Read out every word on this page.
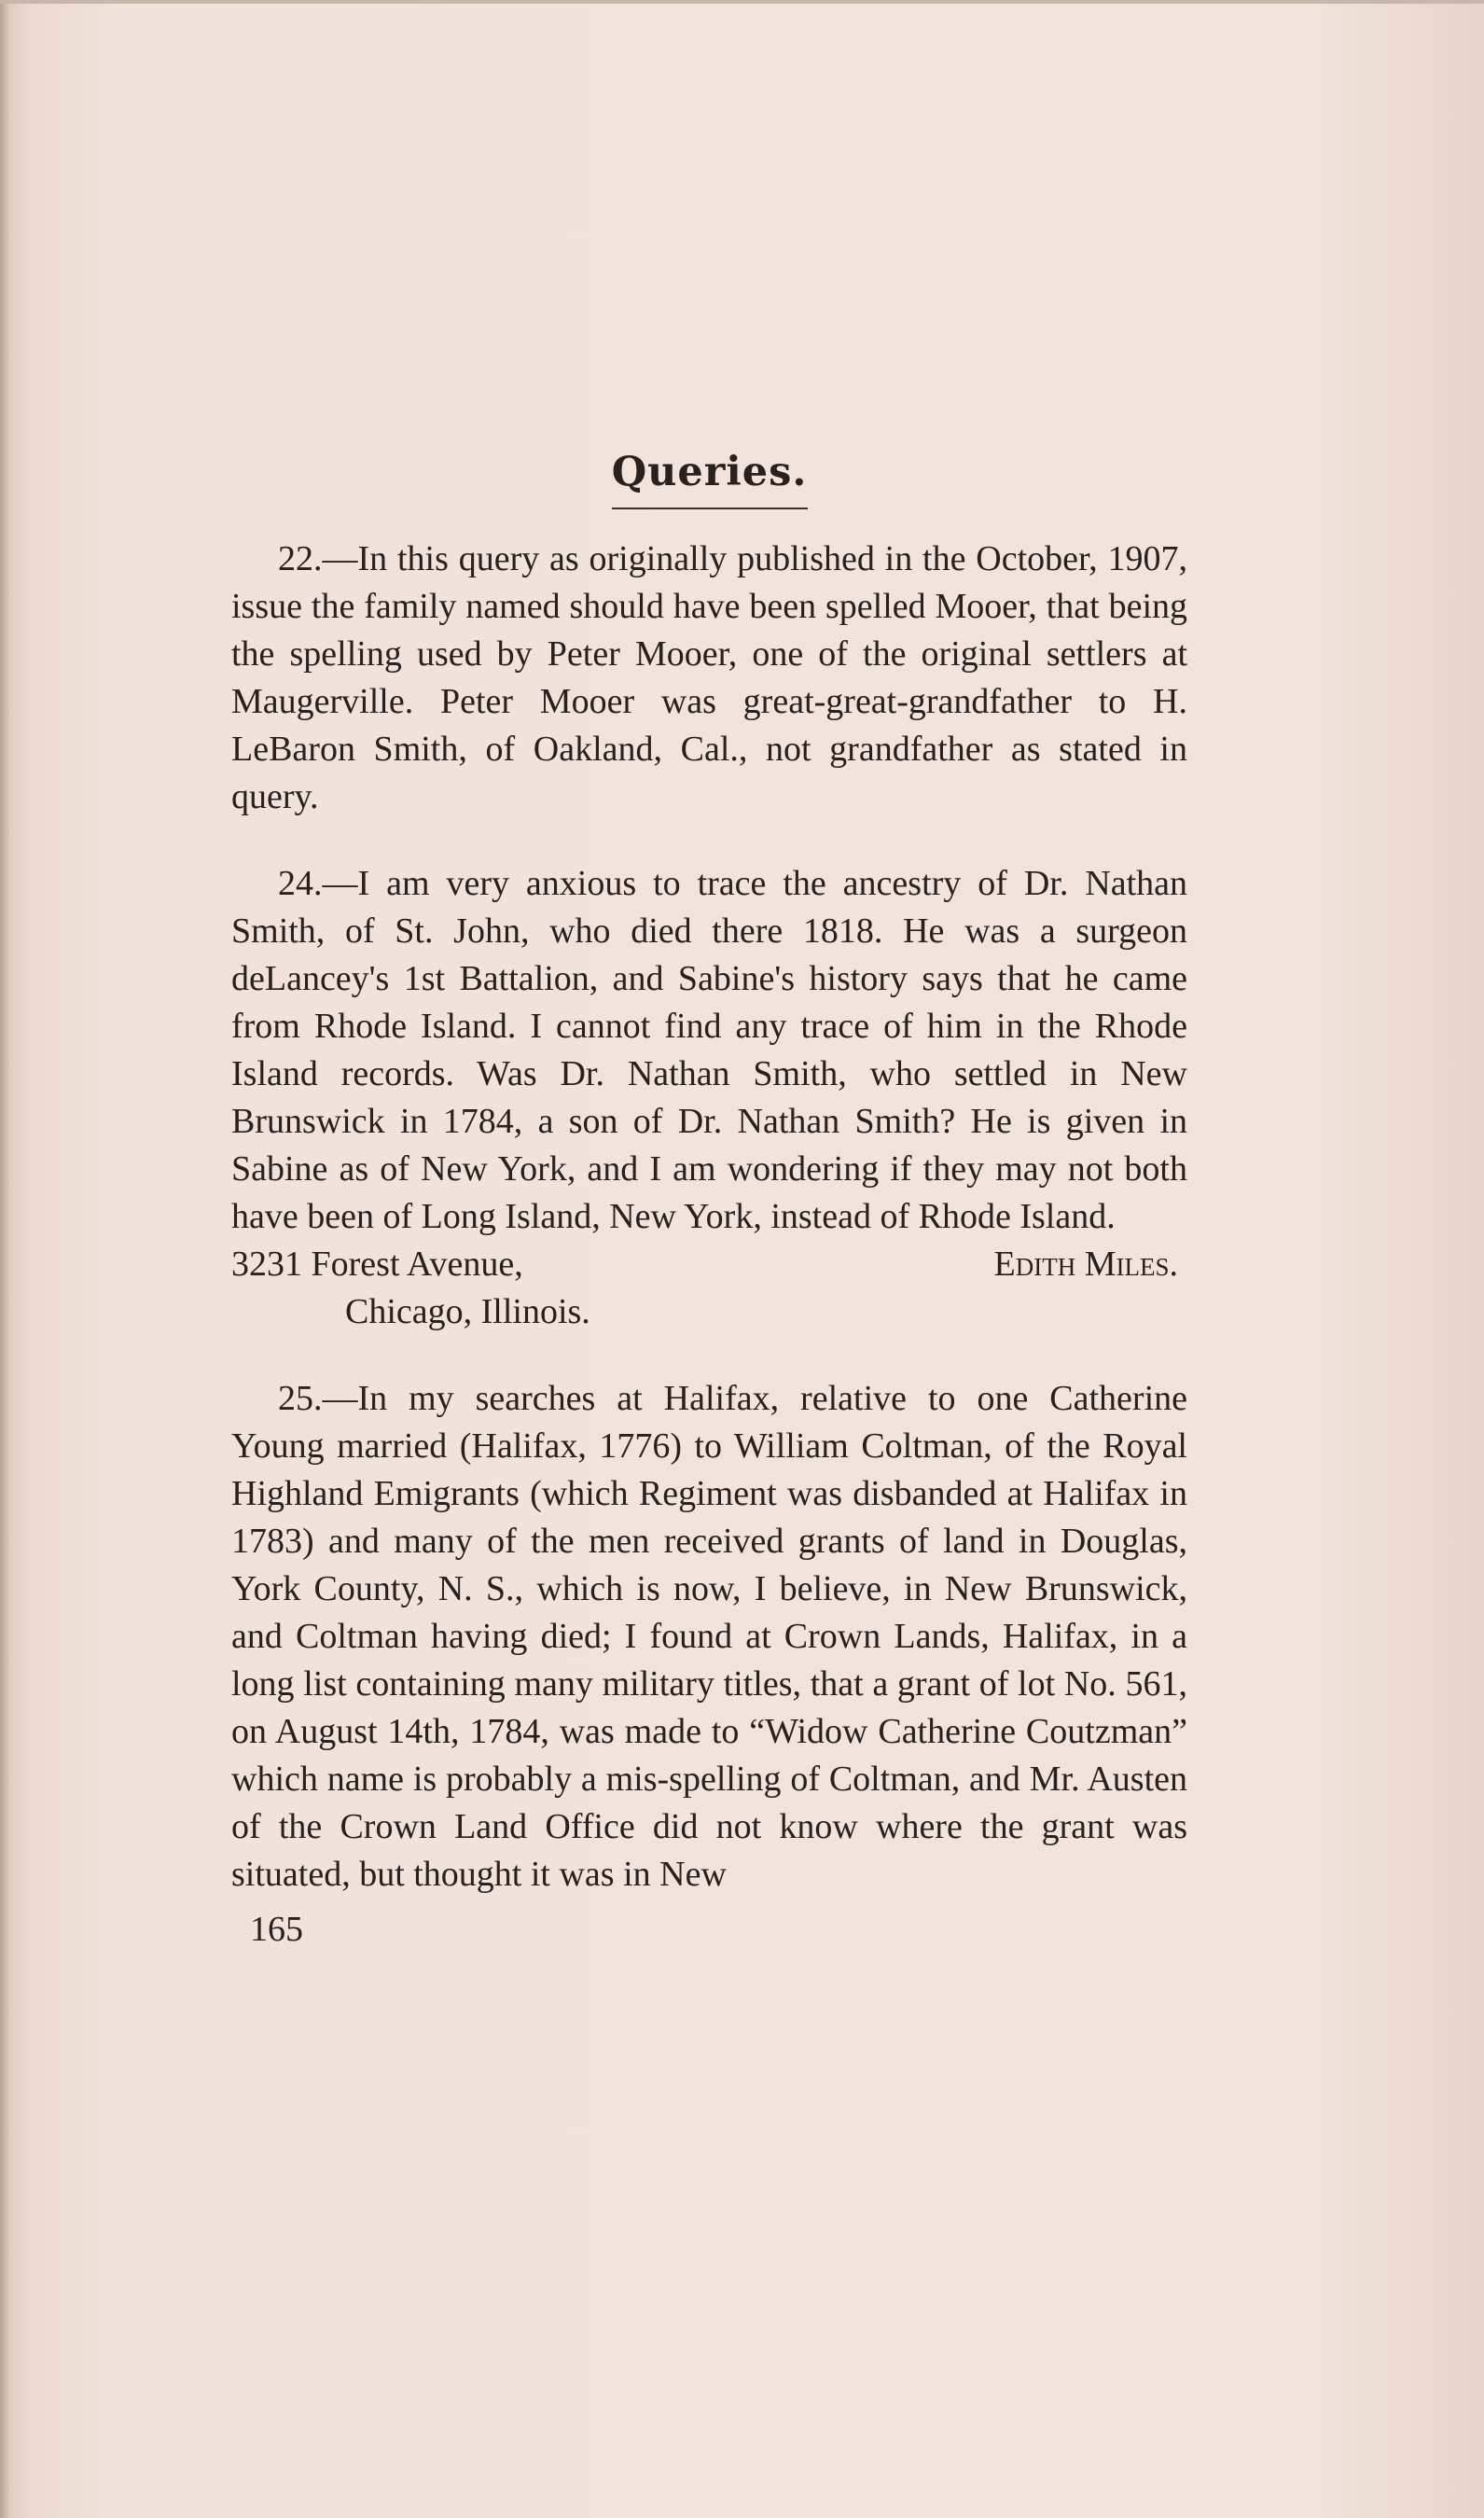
Queries.

22.—In this query as originally published in the October, 1907, issue the family named should have been spelled Mooer, that being the spelling used by Peter Mooer, one of the original settlers at Maugerville. Peter Mooer was great-great-grandfather to H. LeBaron Smith, of Oakland, Cal., not grandfather as stated in query.

24.—I am very anxious to trace the ancestry of Dr. Nathan Smith, of St. John, who died there 1818. He was a surgeon deLancey's 1st Battalion, and Sabine's history says that he came from Rhode Island. I cannot find any trace of him in the Rhode Island records. Was Dr. Nathan Smith, who settled in New Brunswick in 1784, a son of Dr. Nathan Smith? He is given in Sabine as of New York, and I am wondering if they may not both have been of Long Island, New York, instead of Rhode Island.

3231 Forest Avenue,	Edith Miles.

Chicago, Illinois.

25.—In my searches at Halifax, relative to one Catherine Young married (Halifax, 1776) to William Coltman, of the Royal Highland Emigrants (which Regiment was disbanded at Halifax in 1783) and many of the men received grants of land in Douglas, York County, N. S., which is now, I believe, in New Brunswick, and Coltman having died; I found at Crown Lands, Halifax, in a long list containing many military titles, that a grant of lot No. 561, on August 14th, 1784, was made to “Widow Catherine Coutzman” which name is probably a mis-spelling of Coltman, and Mr. Austen of the Crown Land Office did not know where the grant was situated, but thought it was in New

165
